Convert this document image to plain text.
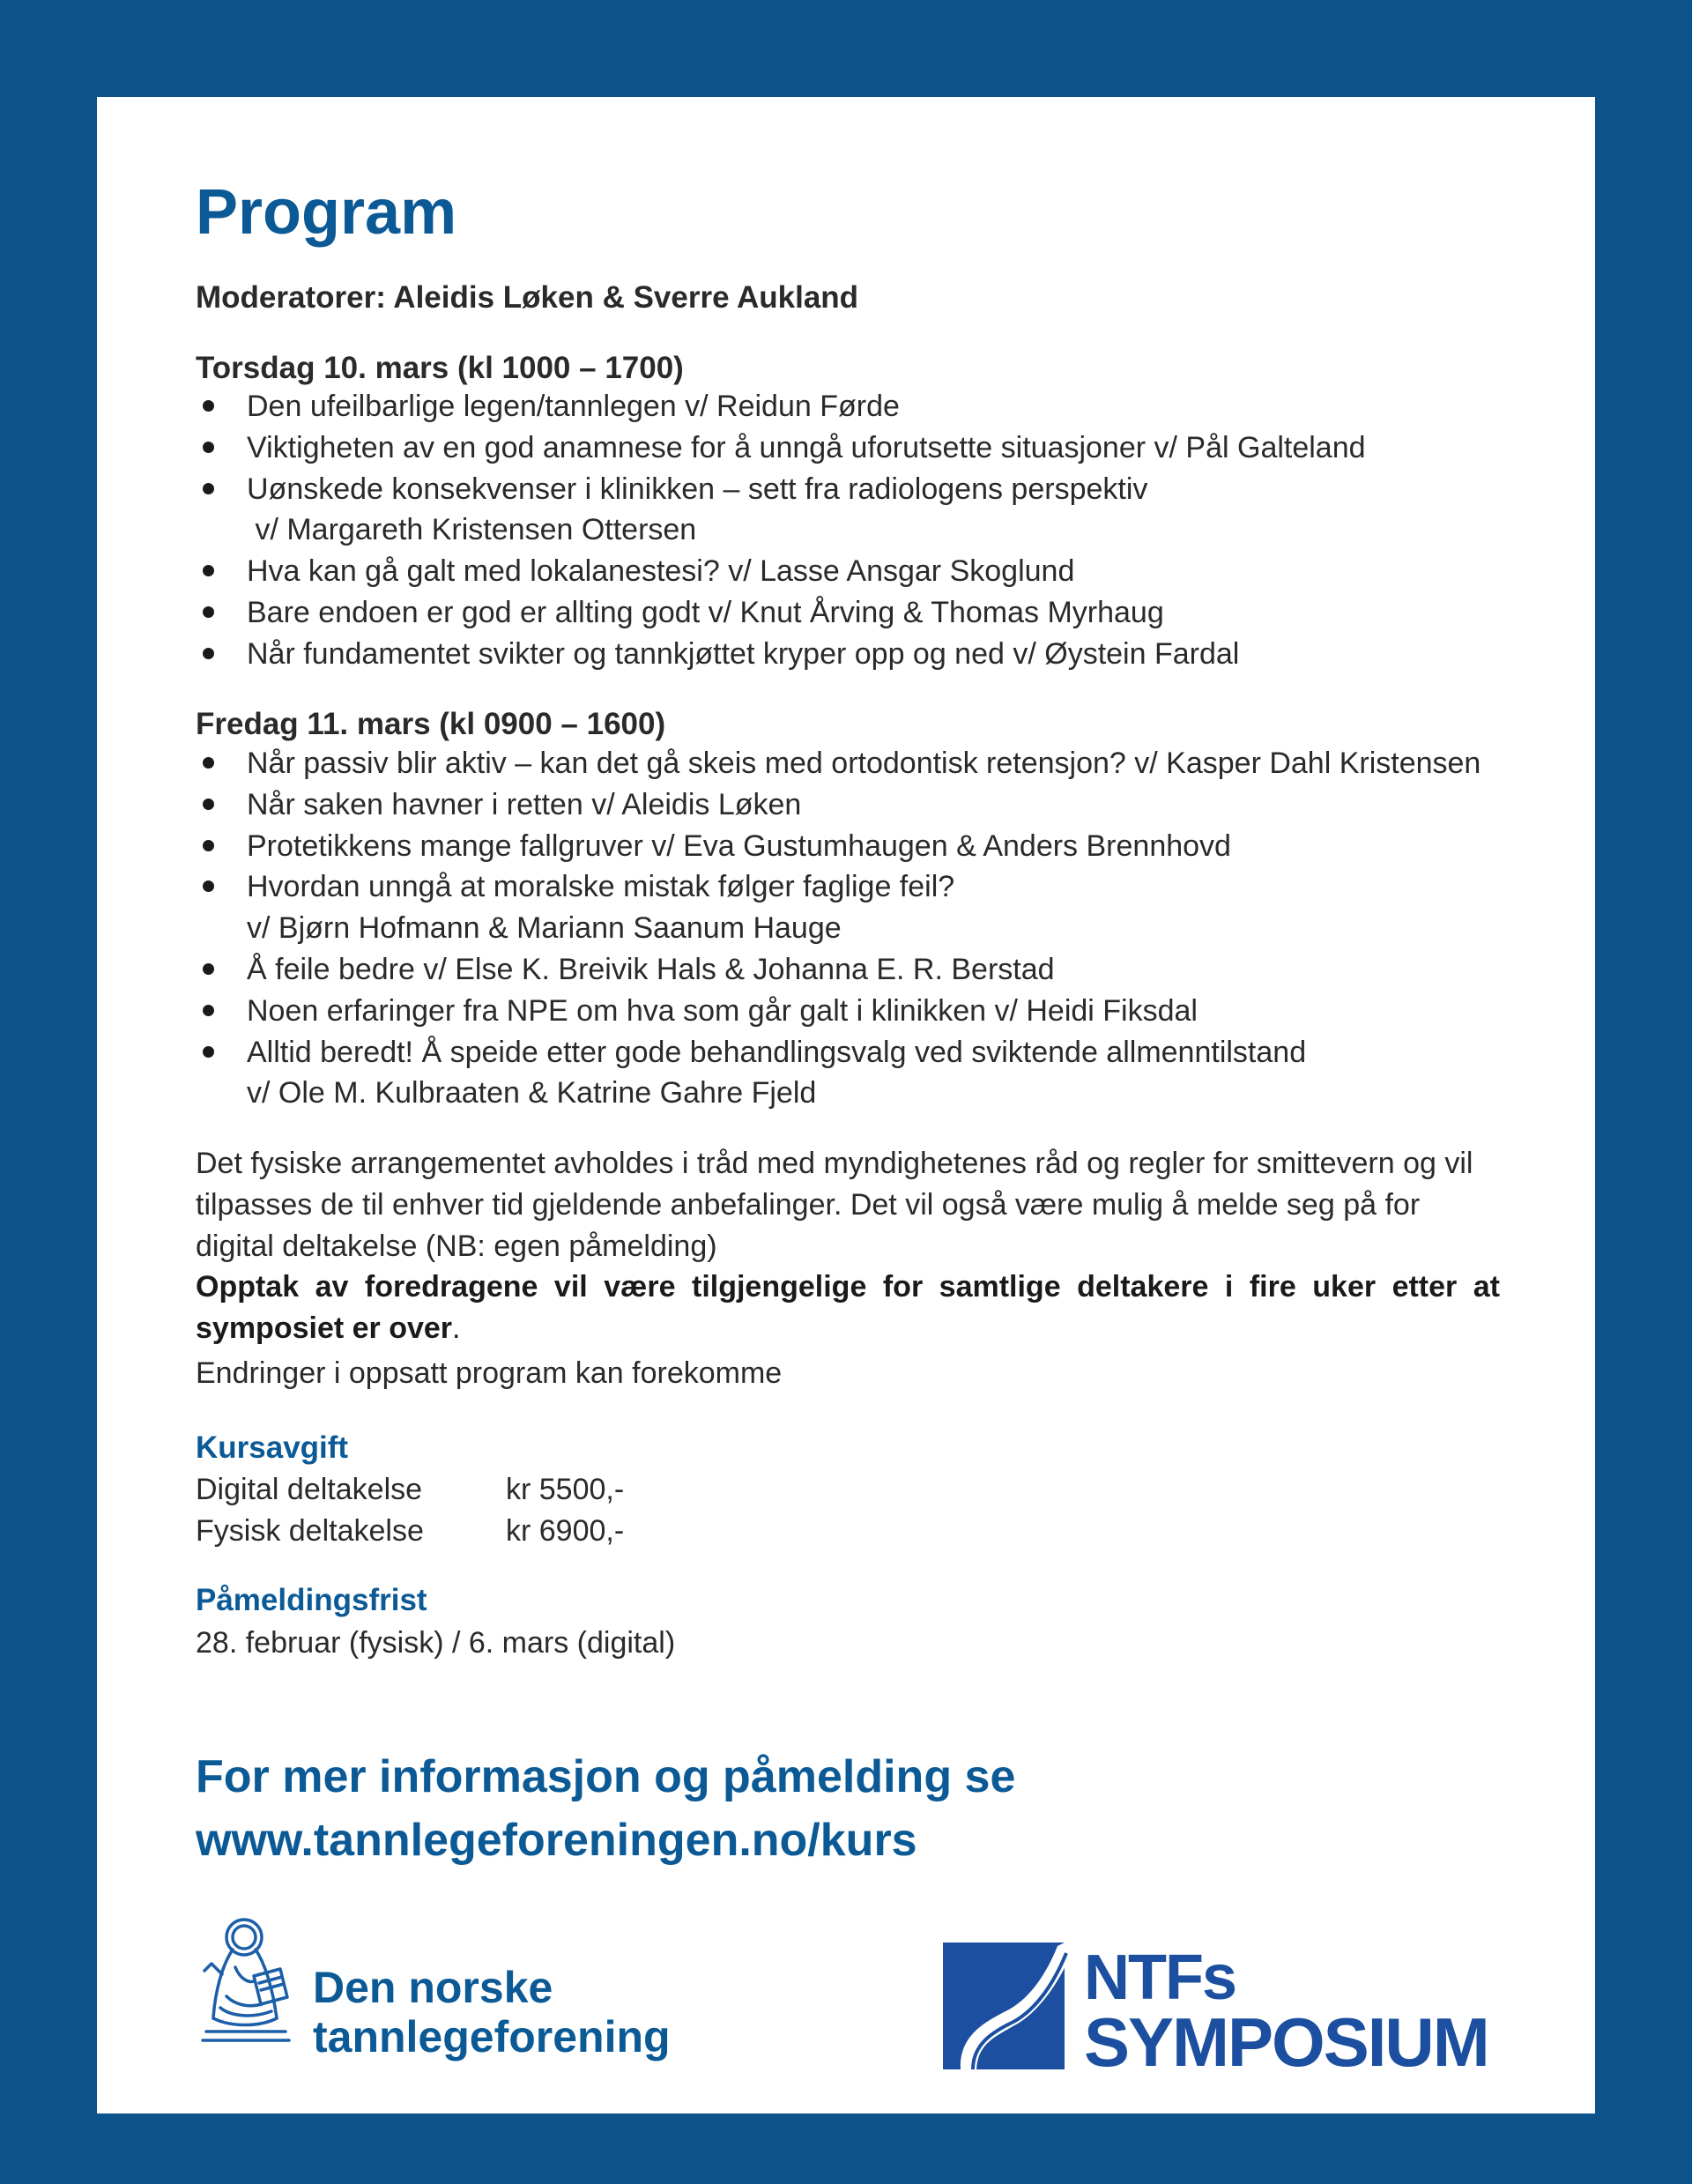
Program
Moderatorer: Aleidis Løken & Sverre Aukland
Torsdag 10. mars (kl 1000 – 1700)
Den ufeilbarlige legen/tannlegen v/ Reidun Førde
Viktigheten av en god anamnese for å unngå uforutsette situasjoner v/ Pål Galteland
Uønskede konsekvenser i klinikken – sett fra radiologens perspektiv
v/ Margareth Kristensen Ottersen
Hva kan gå galt med lokalanestesi? v/ Lasse Ansgar Skoglund
Bare endoen er god er allting godt v/ Knut Årving & Thomas Myrhaug
Når fundamentet svikter og tannkjøttet kryper opp og ned v/ Øystein Fardal
Fredag 11. mars (kl 0900 – 1600)
Når passiv blir aktiv – kan det gå skeis med ortodontisk retensjon? v/ Kasper Dahl Kristensen
Når saken havner i retten v/ Aleidis Løken
Protetikkens mange fallgruver v/ Eva Gustumhaugen & Anders Brennhovd
Hvordan unngå at moralske mistak følger faglige feil?
v/ Bjørn Hofmann & Mariann Saanum Hauge
Å feile bedre v/ Else K. Breivik Hals & Johanna E. R. Berstad
Noen erfaringer fra NPE om hva som går galt i klinikken v/ Heidi Fiksdal
Alltid beredt! Å speide etter gode behandlingsvalg ved sviktende allmenntilstand
v/ Ole M. Kulbraaten & Katrine Gahre Fjeld

Det fysiske arrangementet avholdes i tråd med myndighetenes råd og regler for smittevern og vil tilpasses de til enhver tid gjeldende anbefalinger. Det vil også være mulig å melde seg på for digital deltakelse (NB: egen påmelding)

Opptak av foredragene vil være tilgjengelige for samtlige deltakere i fire uker etter at symposiet er over.

Endringer i oppsatt program kan forekomme

Kursavgift
Digital deltakelse	kr 5500,-
Fysisk deltakelse	kr 6900,-
Påmeldingsfrist
28. februar (fysisk) / 6. mars (digital)
For mer informasjon og påmelding se
www.tannlegeforeningen.no/kurs
Den norske
tannlegeforening
NTFs
SYMPOSIUM
